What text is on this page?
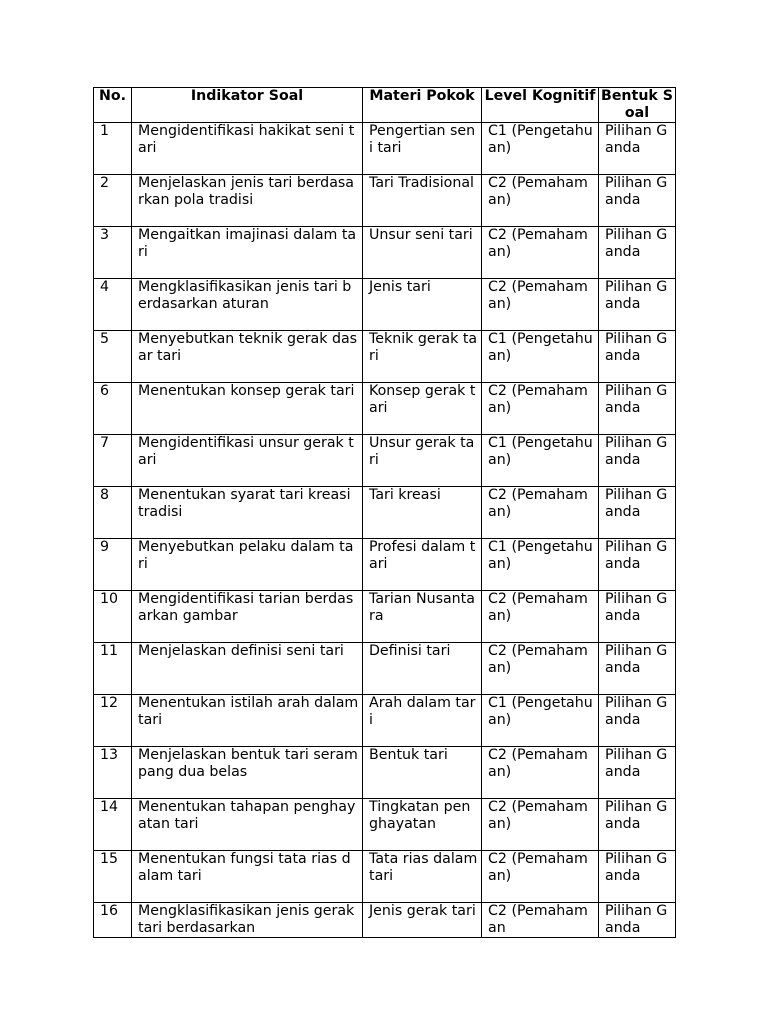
No.	Indikator Soal	Materi Pokok	Level Kognitif	Bentuk Soal
1	Mengidentifikasi hakikat seni tari	Pengertian seni tari	C1 (Pengetahuan)	Pilihan Ganda
2	Menjelaskan jenis tari berdasarkan pola tradisi	Tari Tradisional	C2 (Pemahaman)	Pilihan Ganda
3	Mengaitkan imajinasi dalam tari	Unsur seni tari	C2 (Pemahaman)	Pilihan Ganda
4	Mengklasifikasikan jenis tari berdasarkan aturan	Jenis tari	C2 (Pemahaman)	Pilihan Ganda
5	Menyebutkan teknik gerak dasar tari	Teknik gerak tari	C1 (Pengetahuan)	Pilihan Ganda
6	Menentukan konsep gerak tari	Konsep gerak tari	C2 (Pemahaman)	Pilihan Ganda
7	Mengidentifikasi unsur gerak tari	Unsur gerak tari	C1 (Pengetahuan)	Pilihan Ganda
8	Menentukan syarat tari kreasi tradisi	Tari kreasi	C2 (Pemahaman)	Pilihan Ganda
9	Menyebutkan pelaku dalam tari	Profesi dalam tari	C1 (Pengetahuan)	Pilihan Ganda
10	Mengidentifikasi tarian berdasarkan gambar	Tarian Nusantara	C2 (Pemahaman)	Pilihan Ganda
11	Menjelaskan definisi seni tari	Definisi tari	C2 (Pemahaman)	Pilihan Ganda
12	Menentukan istilah arah dalam tari	Arah dalam tari	C1 (Pengetahuan)	Pilihan Ganda
13	Menjelaskan bentuk tari serampang dua belas	Bentuk tari	C2 (Pemahaman)	Pilihan Ganda
14	Menentukan tahapan penghayatan tari	Tingkatan penghayatan	C2 (Pemahaman)	Pilihan Ganda
15	Menentukan fungsi tata rias dalam tari	Tata rias dalam tari	C2 (Pemahaman)	Pilihan Ganda
16	Mengklasifikasikan jenis gerak tari berdasarkan	Jenis gerak tari	C2 (Pemahaman	Pilihan Ganda
